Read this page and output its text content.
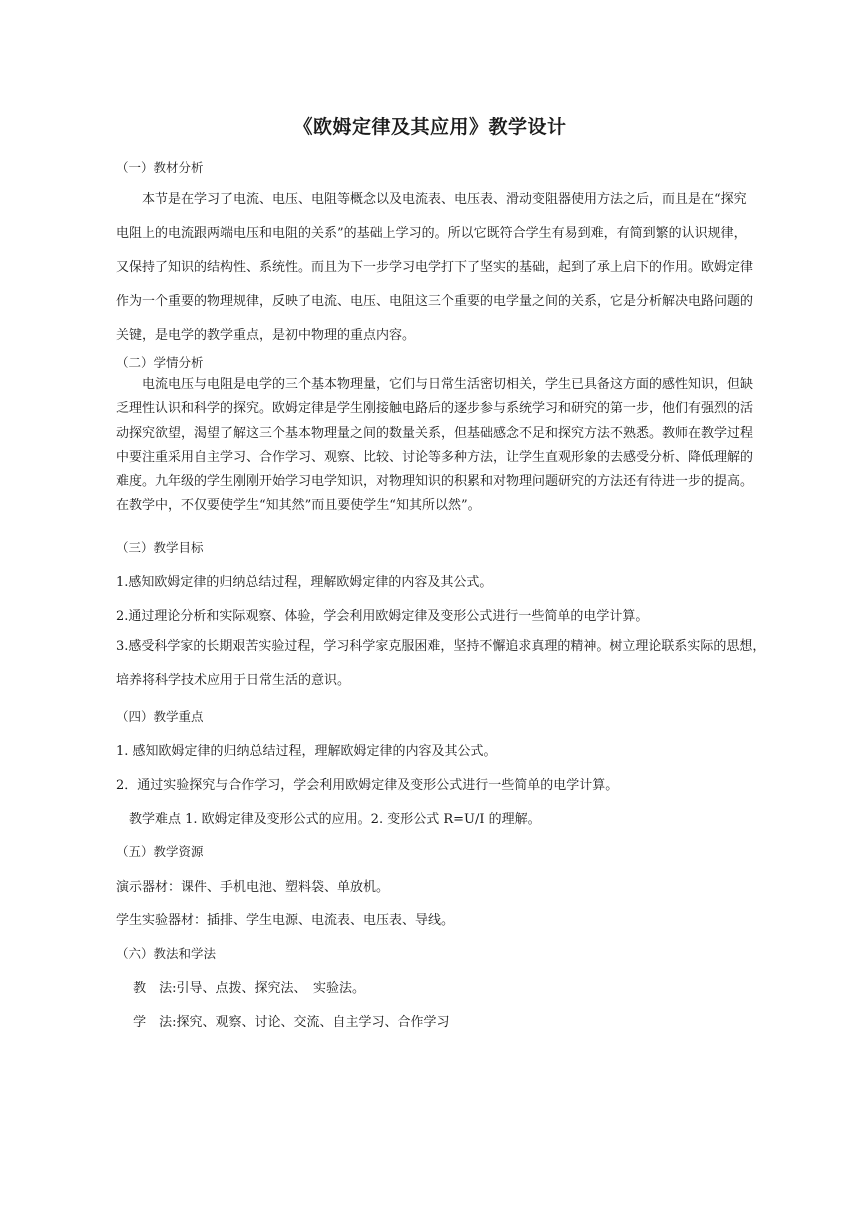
《欧姆定律及其应用》教学设计
（一）教材分析
　　本节是在学习了电流、电压、电阻等概念以及电流表、电压表、滑动变阻器使用方法之后，而且是在“探究
电阻上的电流跟两端电压和电阻的关系”的基础上学习的。所以它既符合学生有易到难，有简到繁的认识规律，
又保持了知识的结构性、系统性。而且为下一步学习电学打下了坚实的基础，起到了承上启下的作用。欧姆定律
作为一个重要的物理规律，反映了电流、电压、电阻这三个重要的电学量之间的关系，它是分析解决电路问题的
关键，是电学的教学重点，是初中物理的重点内容。
（二）学情分析
　　电流电压与电阻是电学的三个基本物理量，它们与日常生活密切相关，学生已具备这方面的感性知识，但缺
乏理性认识和科学的探究。欧姆定律是学生刚接触电路后的逐步参与系统学习和研究的第一步，他们有强烈的活
动探究欲望，渴望了解这三个基本物理量之间的数量关系，但基础感念不足和探究方法不熟悉。教师在教学过程
中要注重采用自主学习、合作学习、观察、比较、讨论等多种方法，让学生直观形象的去感受分析、降低理解的
难度。九年级的学生刚刚开始学习电学知识，对物理知识的积累和对物理问题研究的方法还有待进一步的提高。
在教学中，不仅要使学生“知其然”而且要使学生“知其所以然”。
（三）教学目标
1.感知欧姆定律的归纳总结过程，理解欧姆定律的内容及其公式。
2.通过理论分析和实际观察、体验，学会利用欧姆定律及变形公式进行一些简单的电学计算。
3.感受科学家的长期艰苦实验过程，学习科学家克服困难，坚持不懈追求真理的精神。树立理论联系实际的思想，
培养将科学技术应用于日常生活的意识。
（四）教学重点
1. 感知欧姆定律的归纳总结过程，理解欧姆定律的内容及其公式。
2．通过实验探究与合作学习，学会利用欧姆定律及变形公式进行一些简单的电学计算。
　教学难点 1. 欧姆定律及变形公式的应用。2. 变形公式 R=U/I 的理解。
（五）教学资源
演示器材：课件、手机电池、塑料袋、单放机。
学生实验器材：插排、学生电源、电流表、电压表、导线。
（六）教法和学法
　 教　法:引导、点拨、探究法、　实验法。
　 学　法:探究、观察、讨论、交流、自主学习、合作学习
